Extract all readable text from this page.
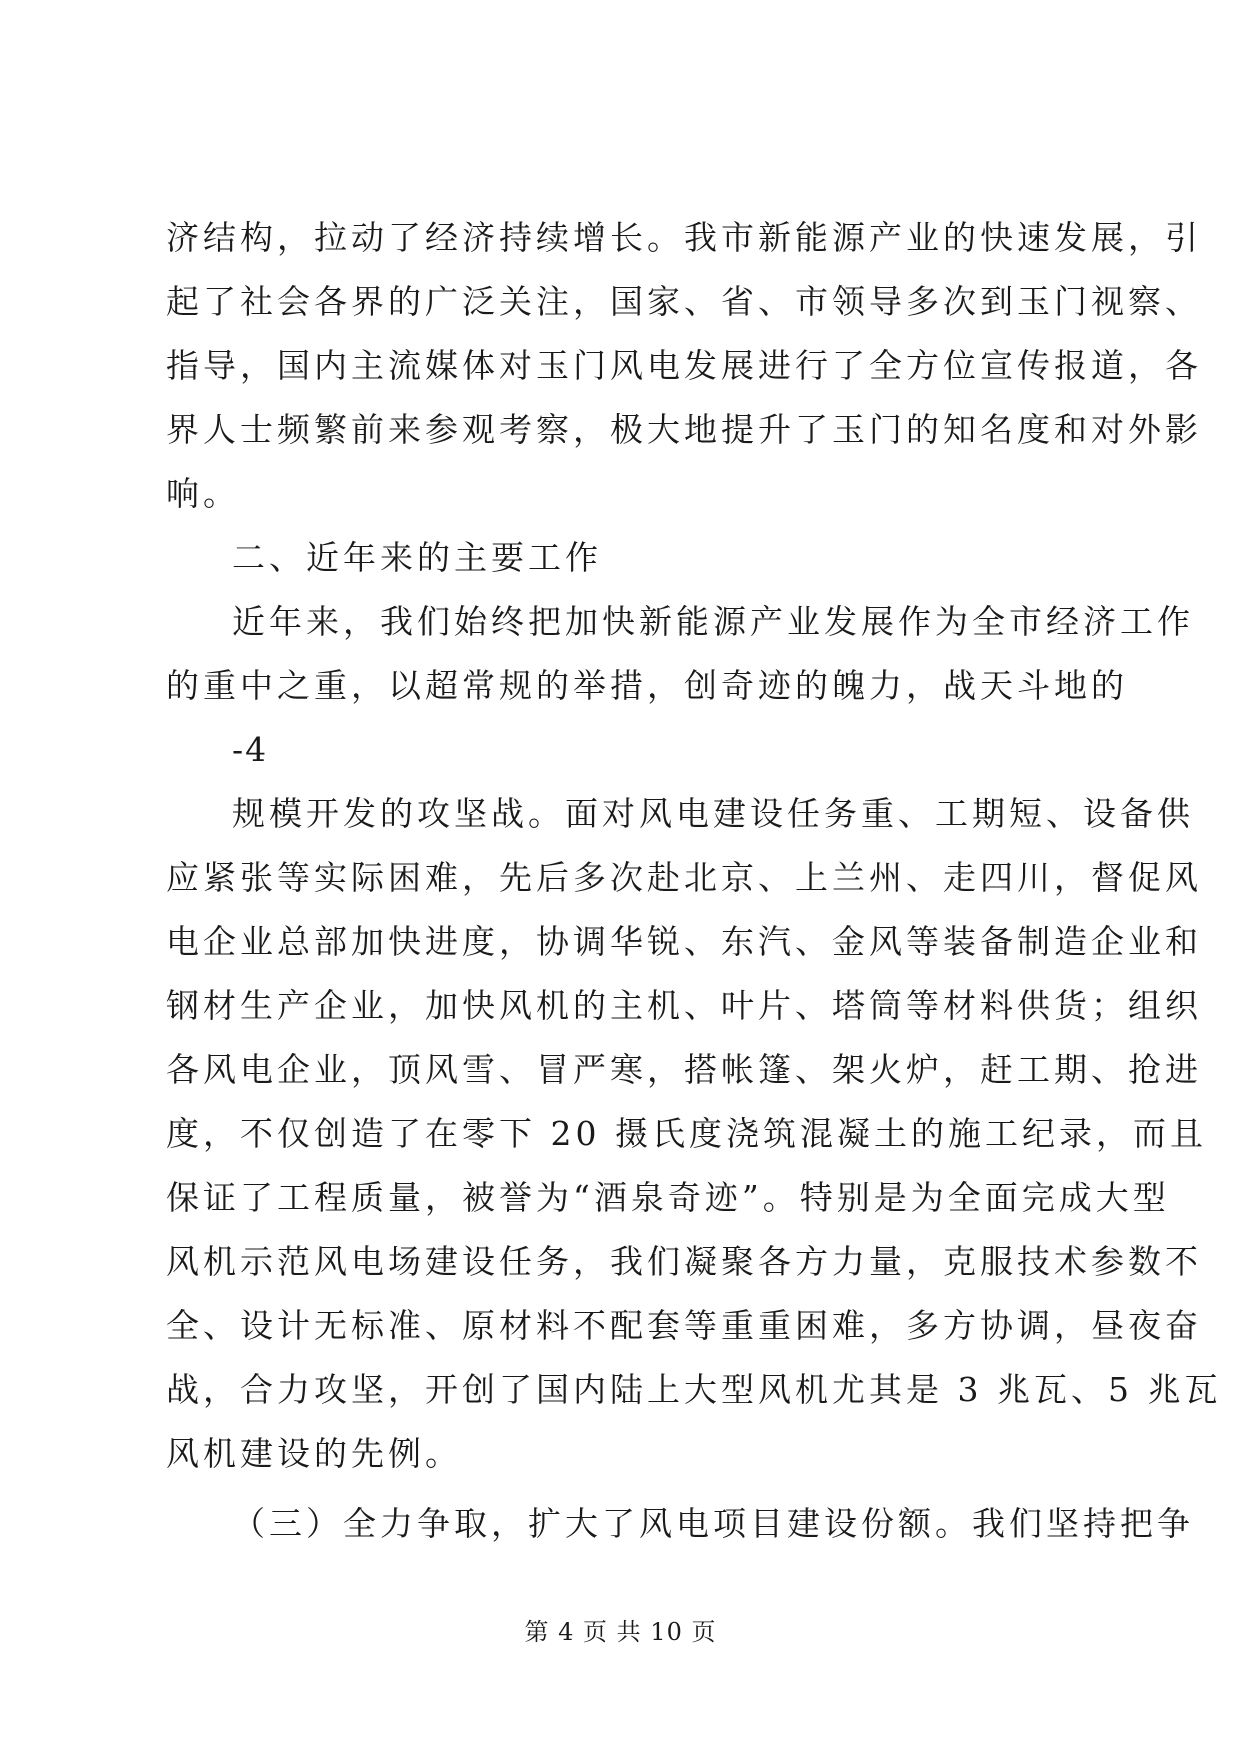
济结构，拉动了经济持续增长。我市新能源产业的快速发展，引
起了社会各界的广泛关注，国家、省、市领导多次到玉门视察、
指导，国内主流媒体对玉门风电发展进行了全方位宣传报道，各
界人士频繁前来参观考察，极大地提升了玉门的知名度和对外影
响。
二、近年来的主要工作
近年来，我们始终把加快新能源产业发展作为全市经济工作
的重中之重，以超常规的举措，创奇迹的魄力，战天斗地的
-4
规模开发的攻坚战。面对风电建设任务重、工期短、设备供
应紧张等实际困难，先后多次赴北京、上兰州、走四川，督促风
电企业总部加快进度，协调华锐、东汽、金风等装备制造企业和
钢材生产企业，加快风机的主机、叶片、塔筒等材料供货；组织
各风电企业，顶风雪、冒严寒，搭帐篷、架火炉，赶工期、抢进
度，不仅创造了在零下 20 摄氏度浇筑混凝土的施工纪录，而且
保证了工程质量，被誉为“酒泉奇迹”。特别是为全面完成大型
风机示范风电场建设任务，我们凝聚各方力量，克服技术参数不
全、设计无标准、原材料不配套等重重困难，多方协调，昼夜奋
战，合力攻坚，开创了国内陆上大型风机尤其是 3 兆瓦、5 兆瓦
风机建设的先例。
（三）全力争取，扩大了风电项目建设份额。我们坚持把争
第 4 页 共 10 页
